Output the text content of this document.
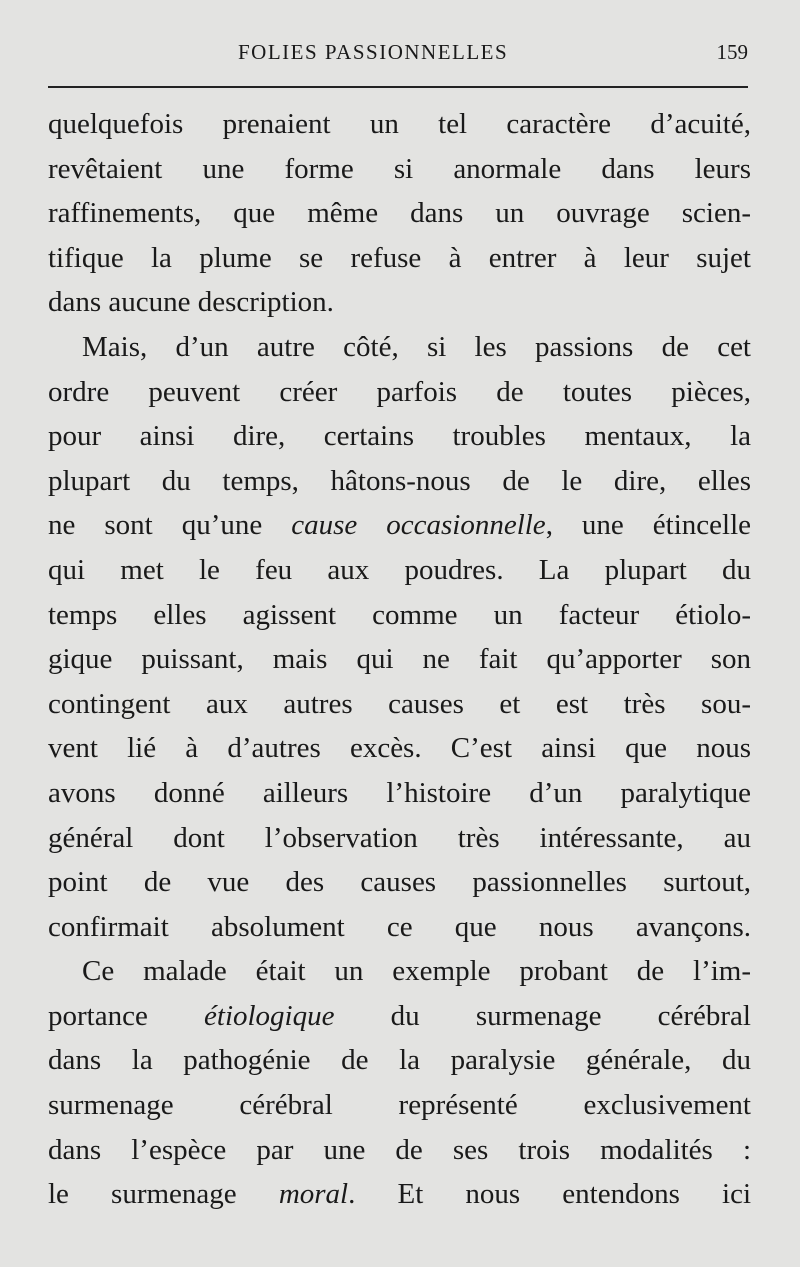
FOLIES PASSIONNELLES	159
quelquefois prenaient un tel caractère d’acuité,
revêtaient une forme si anormale dans leurs
raffinements, que même dans un ouvrage scien-
tifique la plume se refuse à entrer à leur sujet
dans aucune description.
Mais, d’un autre côté, si les passions de cet
ordre peuvent créer parfois de toutes pièces,
pour ainsi dire, certains troubles mentaux, la
plupart du temps, hâtons-nous de le dire, elles
ne sont qu’une cause occasionnelle, une étincelle
qui met le feu aux poudres. La plupart du
temps elles agissent comme un facteur étiolo-
gique puissant, mais qui ne fait qu’apporter son
contingent aux autres causes et est très sou-
vent lié à d’autres excès. C’est ainsi que nous
avons donné ailleurs l’histoire d’un paralytique
général dont l’observation très intéressante, au
point de vue des causes passionnelles surtout,
confirmait absolument ce que nous avançons.
Ce malade était un exemple probant de l’im-
portance étiologique du surmenage cérébral
dans la pathogénie de la paralysie générale, du
surmenage cérébral représenté exclusivement
dans l’espèce par une de ses trois modalités :
le surmenage moral. Et nous entendons ici
